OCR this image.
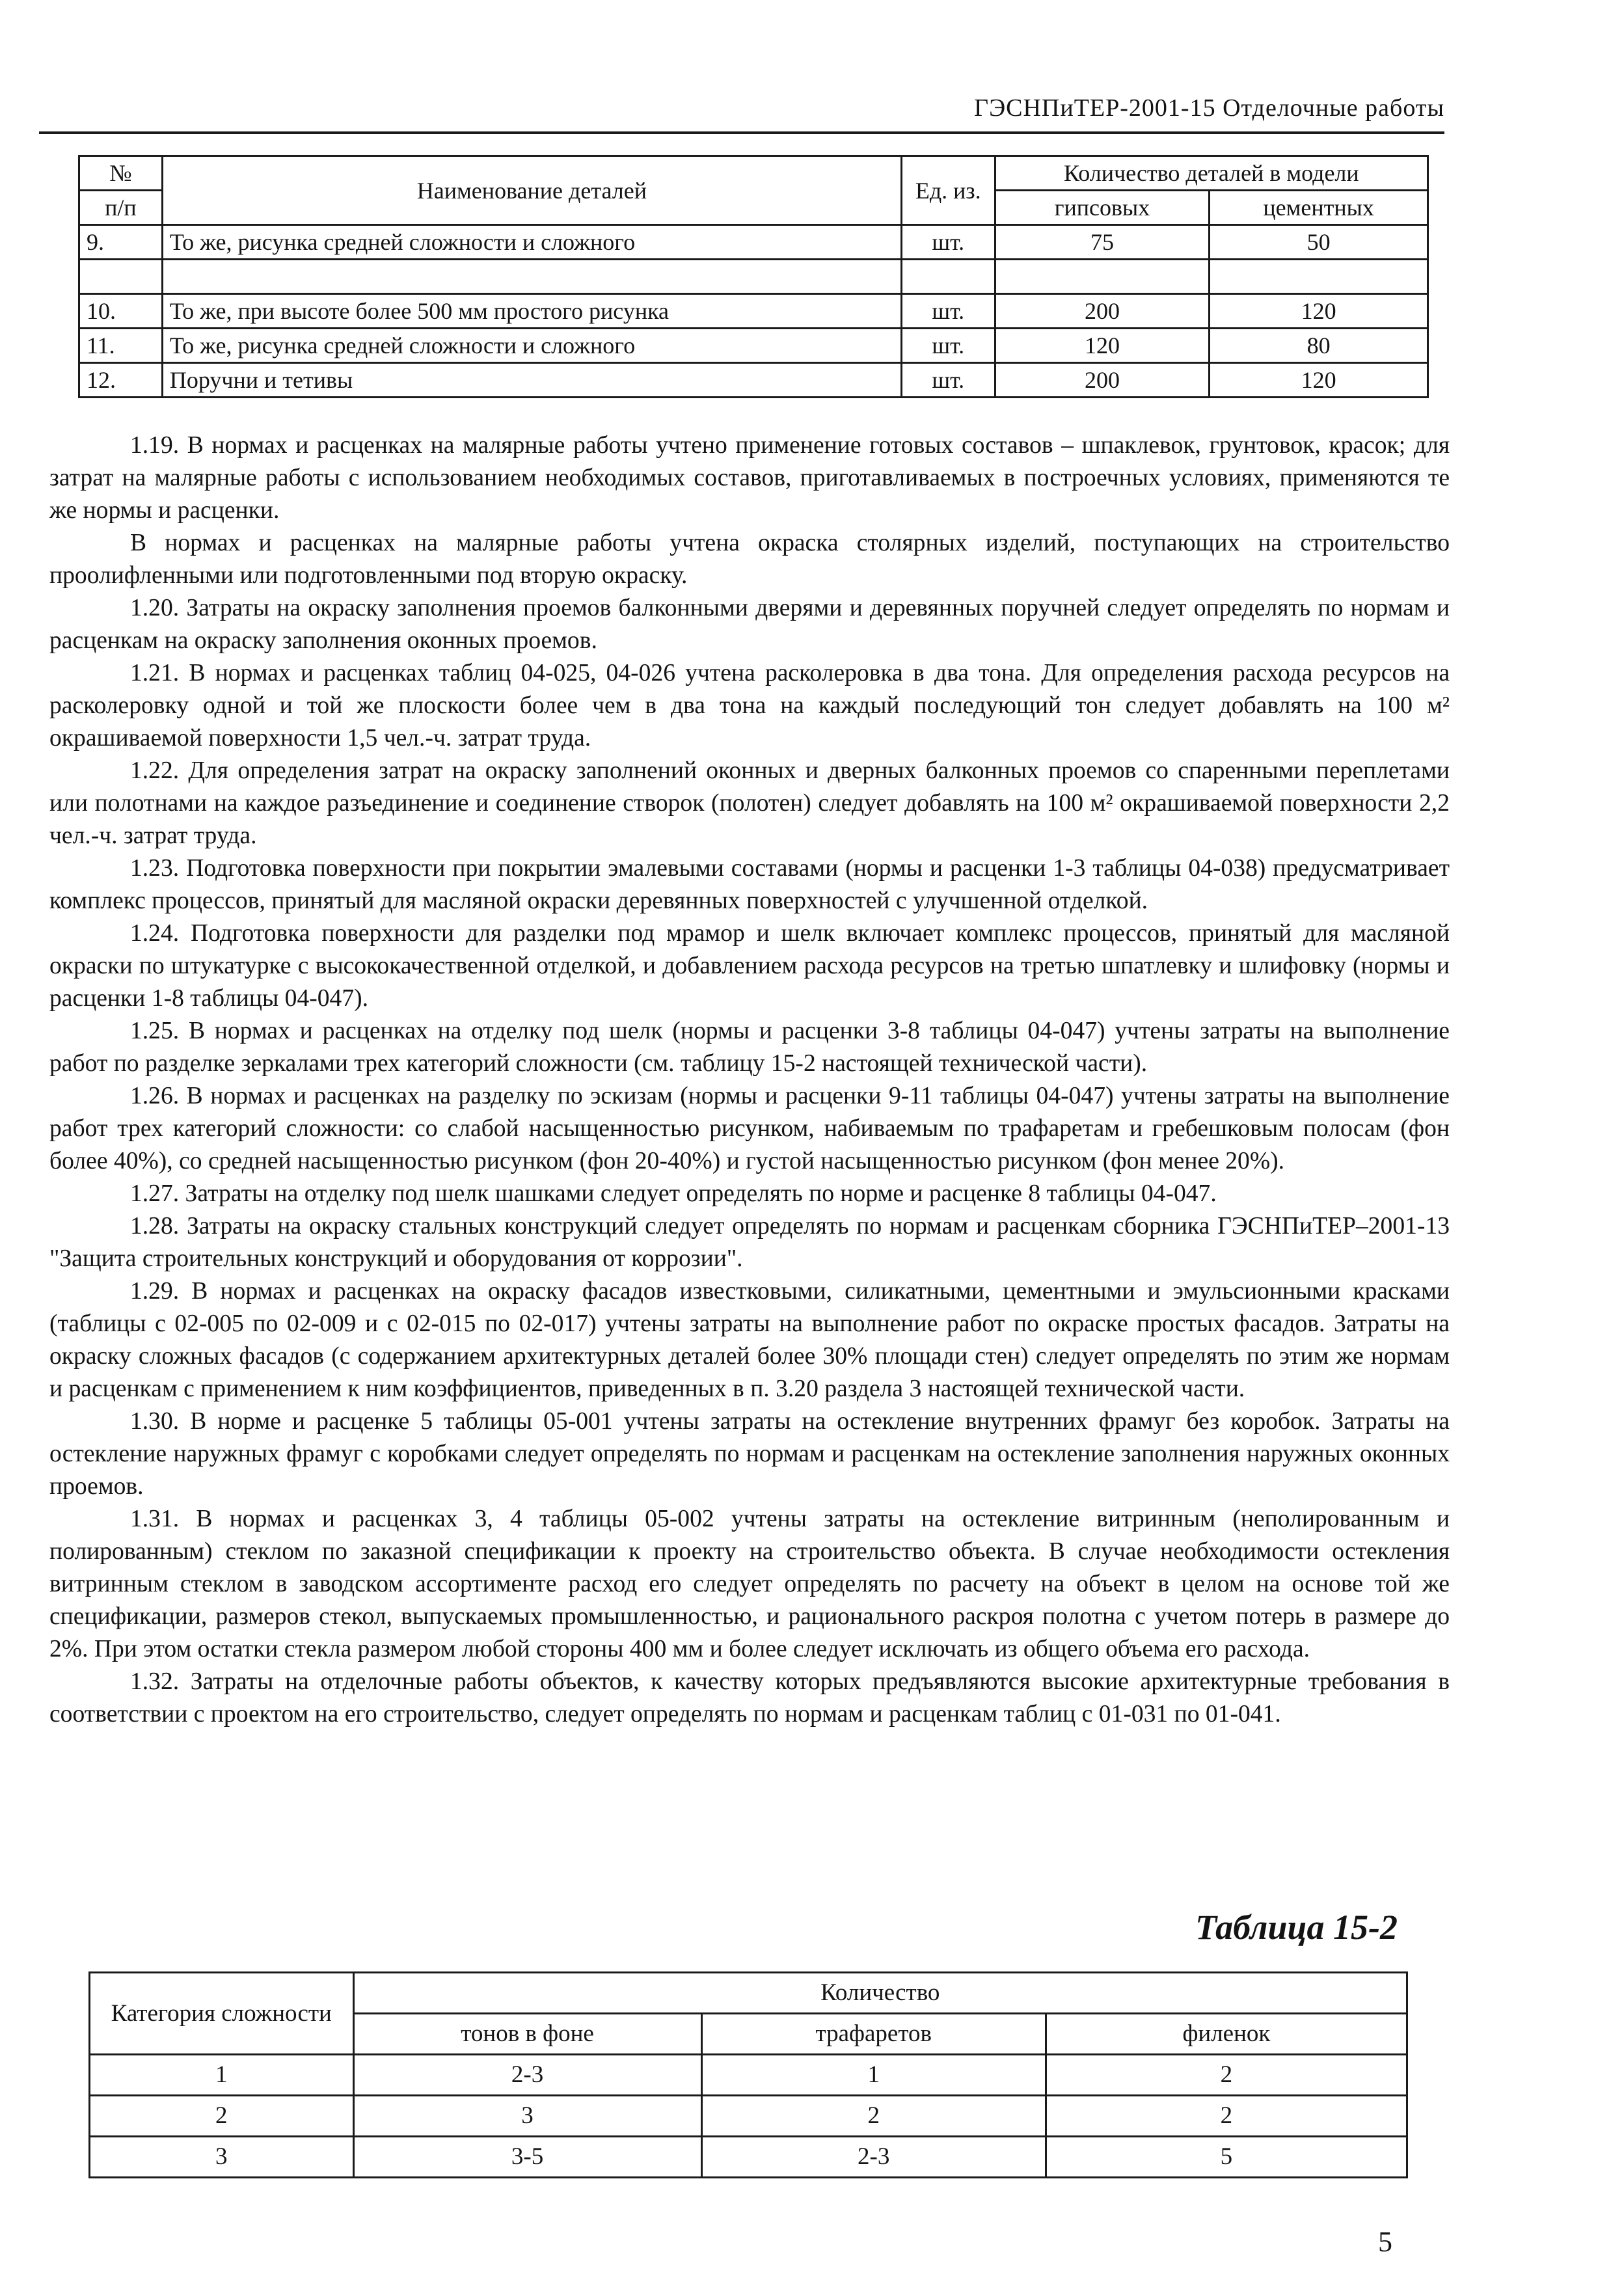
ГЭСНПиТЕР-2001-15 Отделочные работы
№	Наименование деталей	Ед. из.	Количество деталей в модели	
п/п			гипсовых	цементных
9.	То же, рисунка средней сложности и сложного	шт.	75	50

10.	То же, при высоте более 500 мм простого рисунка	шт.	200	120
11.	То же, рисунка средней сложности и сложного	шт.	120	80
12.	Поручни и тетивы	шт.	200	120

1.19. В нормах и расценках на малярные работы учтено применение готовых составов – шпаклевок, грунтовок, красок; для затрат на малярные работы с использованием необходимых составов, приготавливаемых в построечных условиях, применяются те же нормы и расценки.

В нормах и расценках на малярные работы учтена окраска столярных изделий, поступающих на строительство проолифленными или подготовленными под вторую окраску.

1.20. Затраты на окраску заполнения проемов балконными дверями и деревянных поручней следует определять по нормам и расценкам на окраску заполнения оконных проемов.

1.21. В нормах и расценках таблиц 04-025, 04-026 учтена расколеровка в два тона. Для определения расхода ресурсов на расколеровку одной и той же плоскости более чем в два тона на каждый последующий тон следует добавлять на 100 м² окрашиваемой поверхности 1,5 чел.-ч. затрат труда.

1.22. Для определения затрат на окраску заполнений оконных и дверных балконных проемов со спаренными переплетами или полотнами на каждое разъединение и соединение створок (полотен) следует добавлять на 100 м² окрашиваемой поверхности 2,2 чел.-ч. затрат труда.

1.23. Подготовка поверхности при покрытии эмалевыми составами (нормы и расценки 1-3 таблицы 04-038) предусматривает комплекс процессов, принятый для масляной окраски деревянных поверхностей с улучшенной отделкой.

1.24. Подготовка поверхности для разделки под мрамор и шелк включает комплекс процессов, принятый для масляной окраски по штукатурке с высококачественной отделкой, и добавлением расхода ресурсов на третью шпатлевку и шлифовку (нормы и расценки 1-8 таблицы 04-047).

1.25. В нормах и расценках на отделку под шелк (нормы и расценки 3-8 таблицы 04-047) учтены затраты на выполнение работ по разделке зеркалами трех категорий сложности (см. таблицу 15-2 настоящей технической части).

1.26. В нормах и расценках на разделку по эскизам (нормы и расценки 9-11 таблицы 04-047) учтены затраты на выполнение работ трех категорий сложности: со слабой насыщенностью рисунком, набиваемым по трафаретам и гребешковым полосам (фон более 40%), со средней насыщенностью рисунком (фон 20-40%) и густой насыщенностью рисунком (фон менее 20%).

1.27. Затраты на отделку под шелк шашками следует определять по норме и расценке 8 таблицы 04-047.

1.28. Затраты на окраску стальных конструкций следует определять по нормам и расценкам сборника ГЭСНПиТЕР–2001-13 "Защита строительных конструкций и оборудования от коррозии".

1.29. В нормах и расценках на окраску фасадов известковыми, силикатными, цементными и эмульсионными красками (таблицы с 02-005 по 02-009 и с 02-015 по 02-017) учтены затраты на выполнение работ по окраске простых фасадов. Затраты на окраску сложных фасадов (с содержанием архитектурных деталей более 30% площади стен) следует определять по этим же нормам и расценкам с применением к ним коэффициентов, приведенных в п. 3.20 раздела 3 настоящей технической части.

1.30. В норме и расценке 5 таблицы 05-001 учтены затраты на остекление внутренних фрамуг без коробок. Затраты на остекление наружных фрамуг с коробками следует определять по нормам и расценкам на остекление заполнения наружных оконных проемов.

1.31. В нормах и расценках 3, 4 таблицы 05-002 учтены затраты на остекление витринным (неполированным и полированным) стеклом по заказной спецификации к проекту на строительство объекта. В случае необходимости остекления витринным стеклом в заводском ассортименте расход его следует определять по расчету на объект в целом на основе той же спецификации, размеров стекол, выпускаемых промышленностью, и рационального раскроя полотна с учетом потерь в размере до 2%. При этом остатки стекла размером любой стороны 400 мм и более следует исключать из общего объема его расхода.

1.32. Затраты на отделочные работы объектов, к качеству которых предъявляются высокие архитектурные требования в соответствии с проектом на его строительство, следует определять по нормам и расценкам таблиц с 01-031 по 01-041.

Таблица 15-2
Категория сложности	Количество		
	тонов в фоне	трафаретов	филенок
1	2-3	1	2
2	3	2	2
3	3-5	2-3	5
5
